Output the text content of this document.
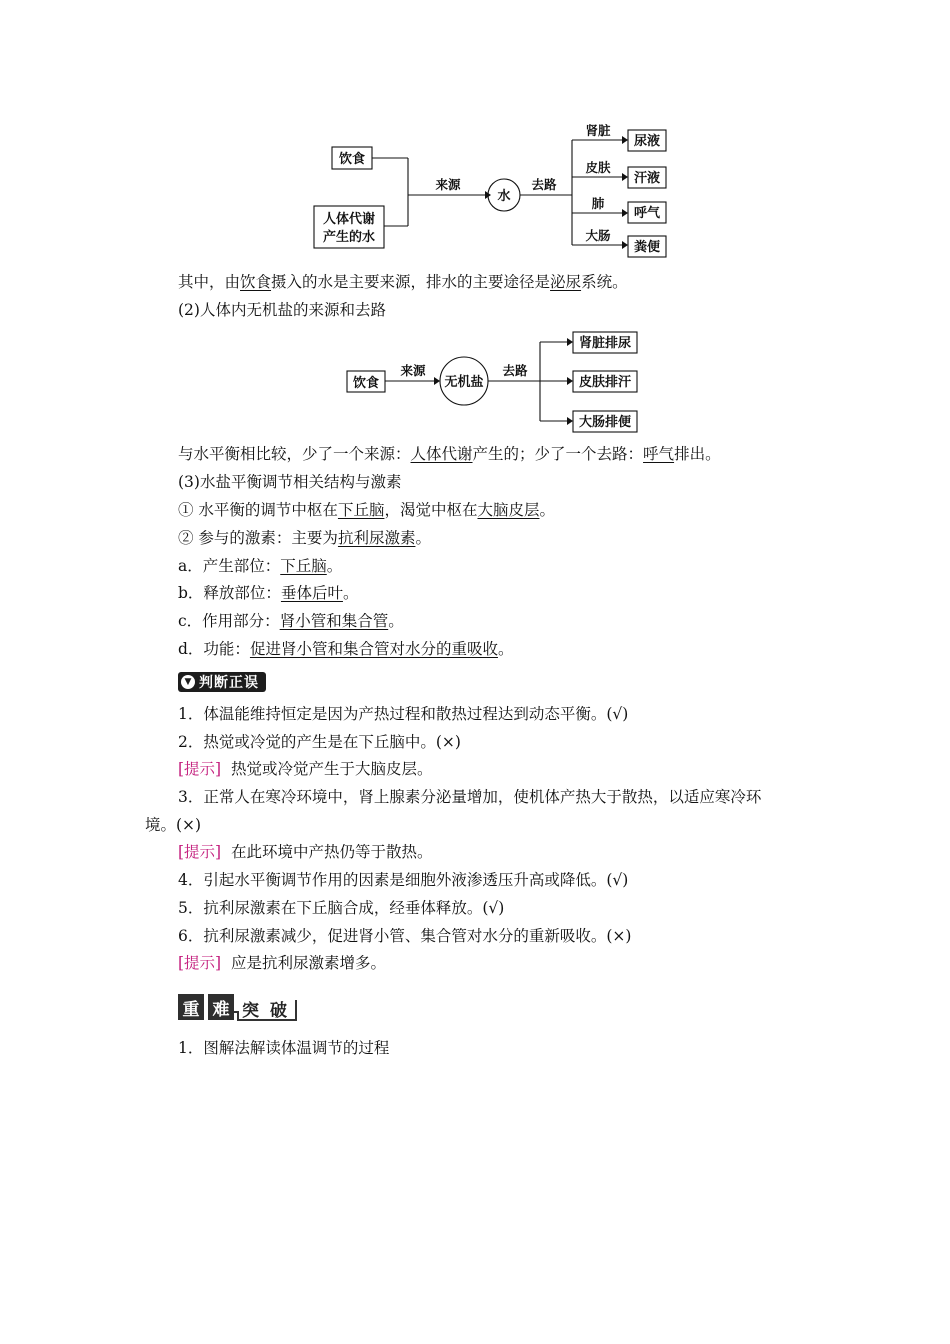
饮食
人体代谢
产生的水
来源
水
去路
肾脏
皮肤
肺
大肠
尿液
汗液
呼气
粪便
其中，由饮食摄入的水是主要来源，排水的主要途径是泌尿系统。
(2)人体内无机盐的来源和去路
饮食
来源
无机盐
去路
肾脏排尿
皮肤排汗
大肠排便
与水平衡相比较，少了一个来源：人体代谢产生的；少了一个去路：呼气排出。
(3)水盐平衡调节相关结构与激素
① 水平衡的调节中枢在下丘脑，渴觉中枢在大脑皮层。
② 参与的激素：主要为抗利尿激素。
a．产生部位：下丘脑。
b．释放部位：垂体后叶。
c．作用部分：肾小管和集合管。
d．功能：促进肾小管和集合管对水分的重吸收。
▼ 判断正误
1．体温能维持恒定是因为产热过程和散热过程达到动态平衡。(√)
2．热觉或冷觉的产生是在下丘脑中。(×)
[提示] 热觉或冷觉产生于大脑皮层。
3．正常人在寒冷环境中，肾上腺素分泌量增加，使机体产热大于散热，以适应寒冷环
境。(×)
[提示] 在此环境中产热仍等于散热。
4．引起水平衡调节作用的因素是细胞外液渗透压升高或降低。(√)
5．抗利尿激素在下丘脑合成，经垂体释放。(√)
6．抗利尿激素减少，促进肾小管、集合管对水分的重新吸收。(×)
[提示] 应是抗利尿激素增多。
重 难 突 破
1．图解法解读体温调节的过程
